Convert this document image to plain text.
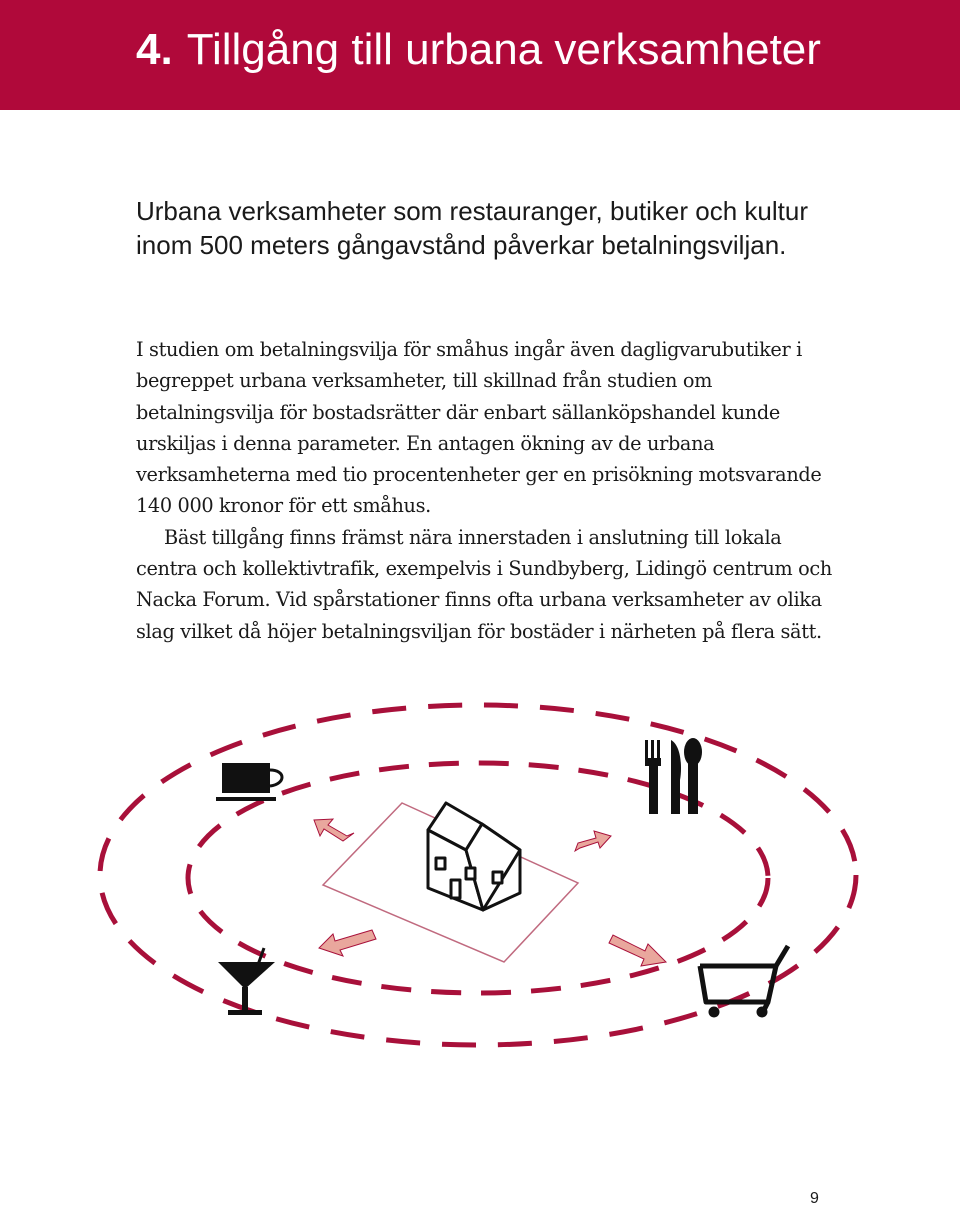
4. Tillgång till urbana verksamheter

Urbana verksamheter som restauranger, butiker och kultur inom 500 meters gångavstånd påverkar betalningsviljan.

I studien om betalningsvilja för småhus ingår även dagligvarubutiker i begreppet urbana verksamheter, till skillnad från studien om betalningsvilja för bostadsrätter där enbart sällanköpshandel kunde urskiljas i denna parameter. En antagen ökning av de urbana verksamheterna med tio procentenheter ger en prisökning motsvarande 140 000 kronor för ett småhus.

Bäst tillgång finns främst nära innerstaden i anslutning till lokala centra och kollektivtrafik, exempelvis i Sundbyberg, Lidingö centrum och Nacka Forum. Vid spårstationer finns ofta urbana verksamheter av olika slag vilket då höjer betalningsviljan för bostäder i närheten på flera sätt.

9
